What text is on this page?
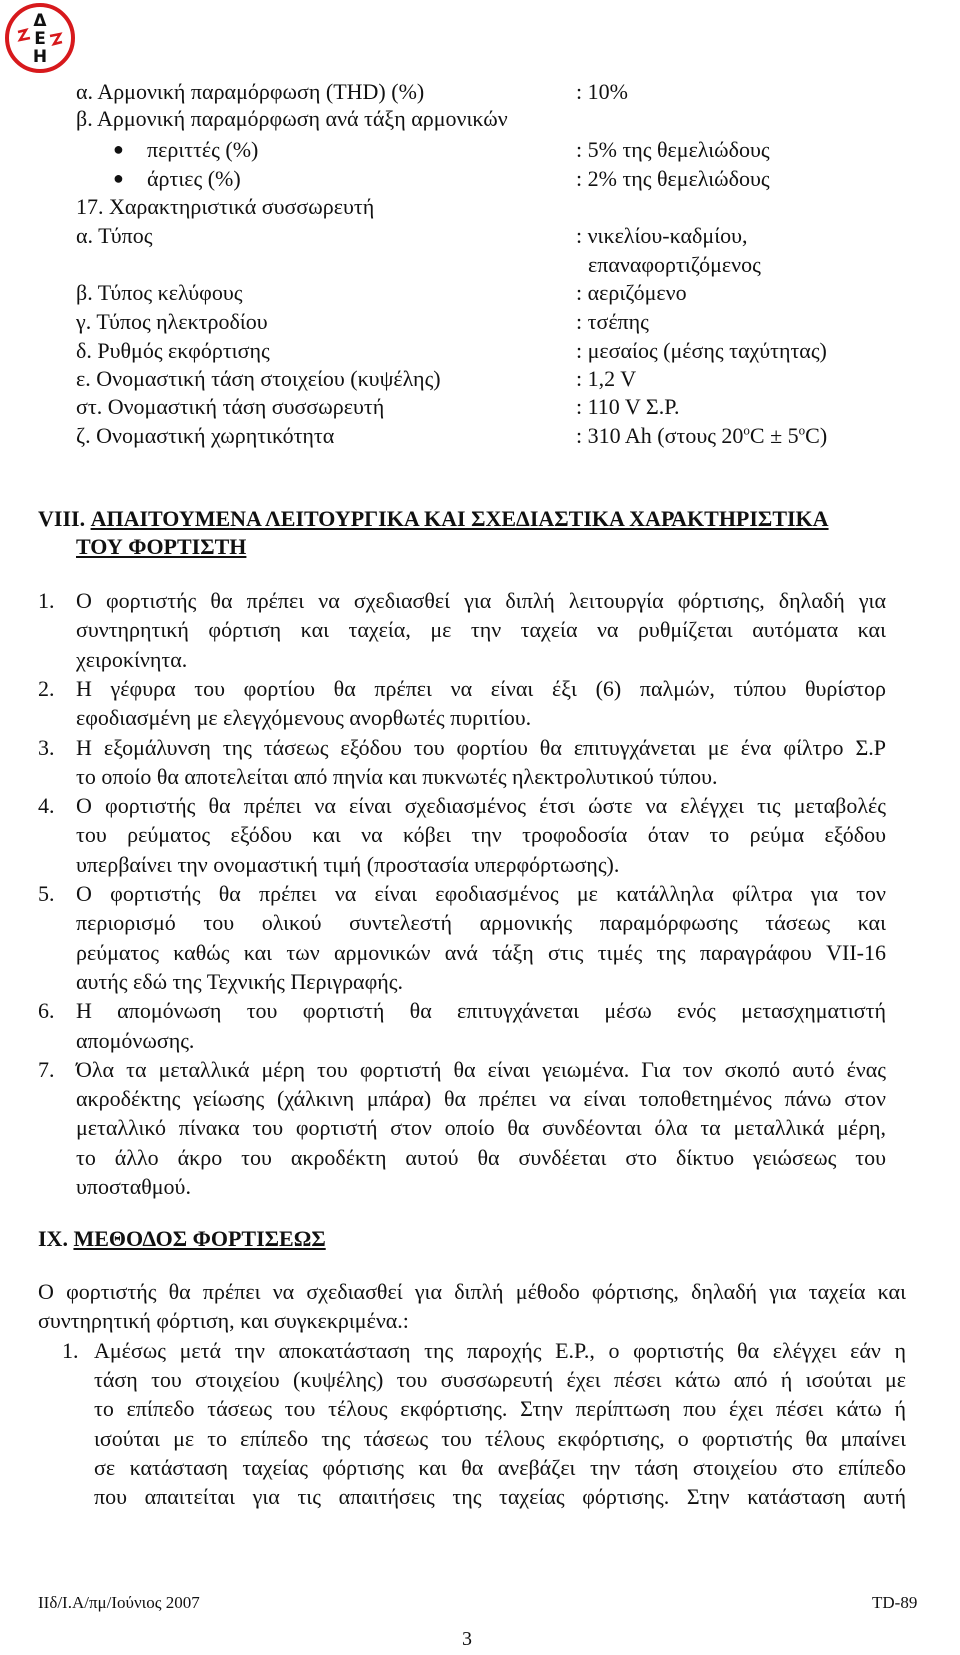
Δ
Ε
Η
α. Αρμονική παραμόρφωση (THD) (%)	: 10%
β. Αρμονική παραμόρφωση ανά τάξη αρμονικών
● περιττές (%)	: 5% της θεμελιώδους
● άρτιες (%)	: 2% της θεμελιώδους
17. Χαρακτηριστικά συσσωρευτή
α. Τύπος	: νικελίου-καδμίου,
επαναφορτιζόμενος
β. Τύπος κελύφους	: αεριζόμενο
γ. Τύπος ηλεκτροδίου	: τσέπης
δ. Ρυθμός εκφόρτισης	: μεσαίος (μέσης ταχύτητας)
ε. Ονομαστική τάση στοιχείου (κυψέλης)	: 1,2 V
στ. Ονομαστική τάση συσσωρευτή	: 110 V Σ.Ρ.
ζ. Ονομαστική χωρητικότητα	: 310 Ah (στους $20^oC \pm 5^oC$)
VIII. ΑΠΑΙΤΟΥΜΕΝΑ ΛΕΙΤΟΥΡΓΙΚΑ ΚΑΙ ΣΧΕΔΙΑΣΤΙΚΑ ΧΑΡΑΚΤΗΡΙΣΤΙΚΑ
ΤΟΥ ΦΟΡΤΙΣΤΗ
1. Ο φορτιστής θα πρέπει να σχεδιασθεί για διπλή λειτουργία φόρτισης, δηλαδή για
συντηρητική φόρτιση και ταχεία, με την ταχεία να ρυθμίζεται αυτόματα και
χειροκίνητα.
2. Η γέφυρα του φορτίου θα πρέπει να είναι έξι (6) παλμών, τύπου θυρίστορ
εφοδιασμένη με ελεγχόμενους ανορθωτές πυριτίου.
3. Η εξομάλυνση της τάσεως εξόδου του φορτίου θα επιτυγχάνεται με ένα φίλτρο Σ.Ρ
το οποίο θα αποτελείται από πηνία και πυκνωτές ηλεκτρολυτικού τύπου.
4. Ο φορτιστής θα πρέπει να είναι σχεδιασμένος έτσι ώστε να ελέγχει τις μεταβολές
του ρεύματος εξόδου και να κόβει την τροφοδοσία όταν το ρεύμα εξόδου
υπερβαίνει την ονομαστική τιμή (προστασία υπερφόρτωσης).
5. Ο φορτιστής θα πρέπει να είναι εφοδιασμένος με κατάλληλα φίλτρα για τον
περιορισμό του ολικού συντελεστή αρμονικής παραμόρφωσης τάσεως και
ρεύματος καθώς και των αρμονικών ανά τάξη στις τιμές της παραγράφου VII-16
αυτής εδώ της Τεχνικής Περιγραφής.
6. Η απομόνωση του φορτιστή θα επιτυγχάνεται μέσω ενός μετασχηματιστή
απομόνωσης.
7. Όλα τα μεταλλικά μέρη του φορτιστή θα είναι γειωμένα. Για τον σκοπό αυτό ένας
ακροδέκτης γείωσης (χάλκινη μπάρα) θα πρέπει να είναι τοποθετημένος πάνω στον
μεταλλικό πίνακα του φορτιστή στον οποίο θα συνδέονται όλα τα μεταλλικά μέρη,
το άλλο άκρο του ακροδέκτη αυτού θα συνδέεται στο δίκτυο γειώσεως του
υποσταθμού.
IX. ΜΕΘΟΔΟΣ ΦΟΡΤΙΣΕΩΣ
Ο φορτιστής θα πρέπει να σχεδιασθεί για διπλή μέθοδο φόρτισης, δηλαδή για ταχεία και
συντηρητική φόρτιση, και συγκεκριμένα.:
1. Αμέσως μετά την αποκατάσταση της παροχής Ε.Ρ., ο φορτιστής θα ελέγχει εάν η
τάση του στοιχείου (κυψέλης) του συσσωρευτή έχει πέσει κάτω από ή ισούται με
το επίπεδο τάσεως του τέλους εκφόρτισης. Στην περίπτωση που έχει πέσει κάτω ή
ισούται με το επίπεδο της τάσεως του τέλους εκφόρτισης, ο φορτιστής θα μπαίνει
σε κατάσταση ταχείας φόρτισης και θα ανεβάζει την τάση στοιχείου στο επίπεδο
που απαιτείται για τις απαιτήσεις της ταχείας φόρτισης. Στην κατάσταση αυτή
ΙΙδ/Ι.Α/πμ/Ιούνιος 2007	TD-89
3
